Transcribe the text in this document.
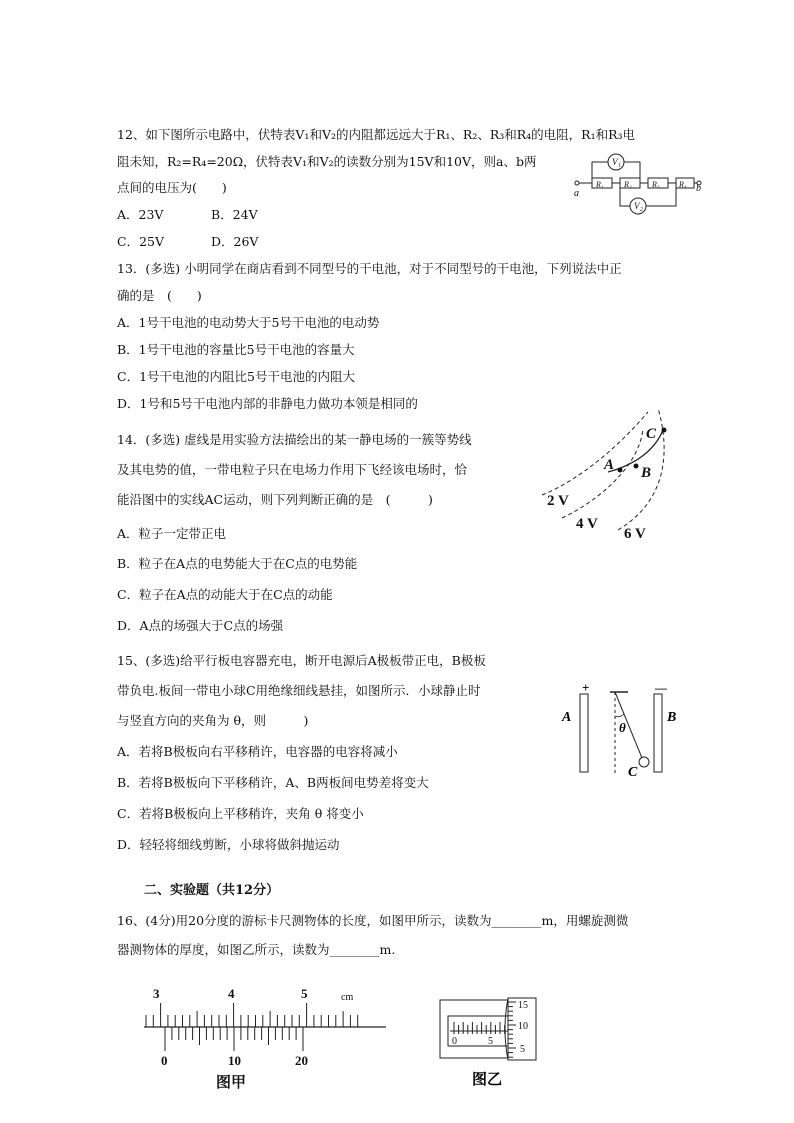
12、如下图所示电路中，伏特表V₁和V₂的内阻都远远大于R₁、R₂、R₃和R₄的电阻，R₁和R₃电
阻未知，R₂=R₄=20Ω，伏特表V₁和V₂的读数分别为15V和10V，则a、b两
点间的电压为(　　)
A．23V	B．24V
C．25V	D．26V
V 1
V 2
R₁	R₂	R₃ R₄
a	b
13．(多选) 小明同学在商店看到不同型号的干电池，对于不同型号的干电池，下列说法中正
确的是　(　　)
A．1号干电池的电动势大于5号干电池的电动势
B．1号干电池的容量比5号干电池的容量大
C．1号干电池的内阻比5号干电池的内阻大
D．1号和5号干电池内部的非静电力做功本领是相同的
14．(多选) 虚线是用实验方法描绘出的某一静电场的一簇等势线
及其电势的值，一带电粒子只在电场力作用下飞经该电场时，恰
能沿图中的实线AC运动，则下列判断正确的是　(　　　)
A．粒子一定带正电
B．粒子在A点的电势能大于在C点的电势能
C．粒子在A点的动能大于在C点的动能
D．A点的场强大于C点的场强
A B
C
2 V
4 V
6 V
15、(多选)给平行板电容器充电，断开电源后A极板带正电，B极板
带负电.板间一带电小球C用绝缘细线悬挂，如图所示．小球静止时
与竖直方向的夹角为 θ，则　　　)
A．若将B极板向右平移稍许，电容器的电容将减小
B．若将B极板向下平移稍许，A、B两板间电势差将变大
C．若将B极板向上平移稍许，夹角 θ 将变小
D．轻轻将细线剪断，小球将做斜抛运动
+	—
A	B
C
θ
二、实验题（共12分）
16、(4分)用20分度的游标卡尺测物体的长度，如图甲所示，读数为________m，用螺旋测微
器测物体的厚度，如图乙所示，读数为________m.
3	4	5	cm
0	10	20
图甲
15
10
5
0	5
图乙
